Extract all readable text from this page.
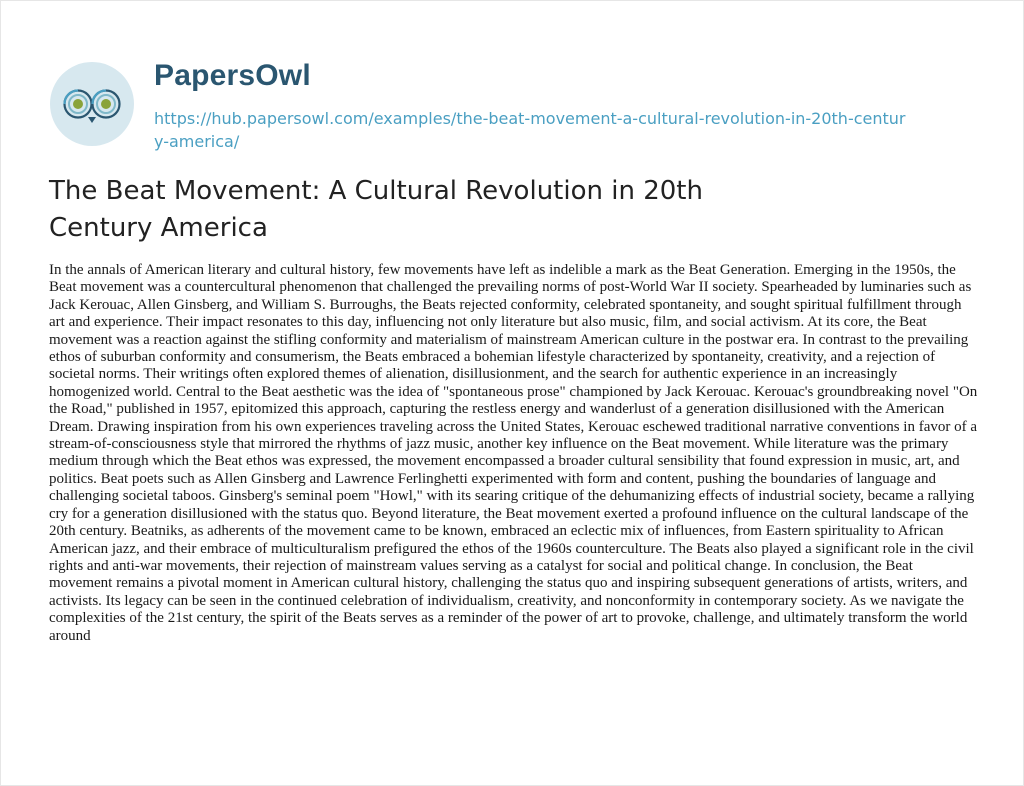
PapersOwl
https://hub.papersowl.com/examples/the-beat-movement-a-cultural-revolution-in-20th-century-america/
The Beat Movement: A Cultural Revolution in 20th Century America

In the annals of American literary and cultural history, few movements have left as indelible a mark as the Beat Generation. Emerging in the 1950s, the Beat movement was a countercultural phenomenon that challenged the prevailing norms of post-World War II society. Spearheaded by luminaries such as Jack Kerouac, Allen Ginsberg, and William S. Burroughs, the Beats rejected conformity, celebrated spontaneity, and sought spiritual fulfillment through art and experience. Their impact resonates to this day, influencing not only literature but also music, film, and social activism. At its core, the Beat movement was a reaction against the stifling conformity and materialism of mainstream American culture in the postwar era. In contrast to the prevailing ethos of suburban conformity and consumerism, the Beats embraced a bohemian lifestyle characterized by spontaneity, creativity, and a rejection of societal norms. Their writings often explored themes of alienation, disillusionment, and the search for authentic experience in an increasingly homogenized world. Central to the Beat aesthetic was the idea of "spontaneous prose" championed by Jack Kerouac. Kerouac's groundbreaking novel "On the Road," published in 1957, epitomized this approach, capturing the restless energy and wanderlust of a generation disillusioned with the American Dream. Drawing inspiration from his own experiences traveling across the United States, Kerouac eschewed traditional narrative conventions in favor of a stream-of-consciousness style that mirrored the rhythms of jazz music, another key influence on the Beat movement. While literature was the primary medium through which the Beat ethos was expressed, the movement encompassed a broader cultural sensibility that found expression in music, art, and politics. Beat poets such as Allen Ginsberg and Lawrence Ferlinghetti experimented with form and content, pushing the boundaries of language and challenging societal taboos. Ginsberg's seminal poem "Howl," with its searing critique of the dehumanizing effects of industrial society, became a rallying cry for a generation disillusioned with the status quo. Beyond literature, the Beat movement exerted a profound influence on the cultural landscape of the 20th century. Beatniks, as adherents of the movement came to be known, embraced an eclectic mix of influences, from Eastern spirituality to African American jazz, and their embrace of multiculturalism prefigured the ethos of the 1960s counterculture. The Beats also played a significant role in the civil rights and anti-war movements, their rejection of mainstream values serving as a catalyst for social and political change. In conclusion, the Beat movement remains a pivotal moment in American cultural history, challenging the status quo and inspiring subsequent generations of artists, writers, and activists. Its legacy can be seen in the continued celebration of individualism, creativity, and nonconformity in contemporary society. As we navigate the complexities of the 21st century, the spirit of the Beats serves as a reminder of the power of art to provoke, challenge, and ultimately transform the world around
